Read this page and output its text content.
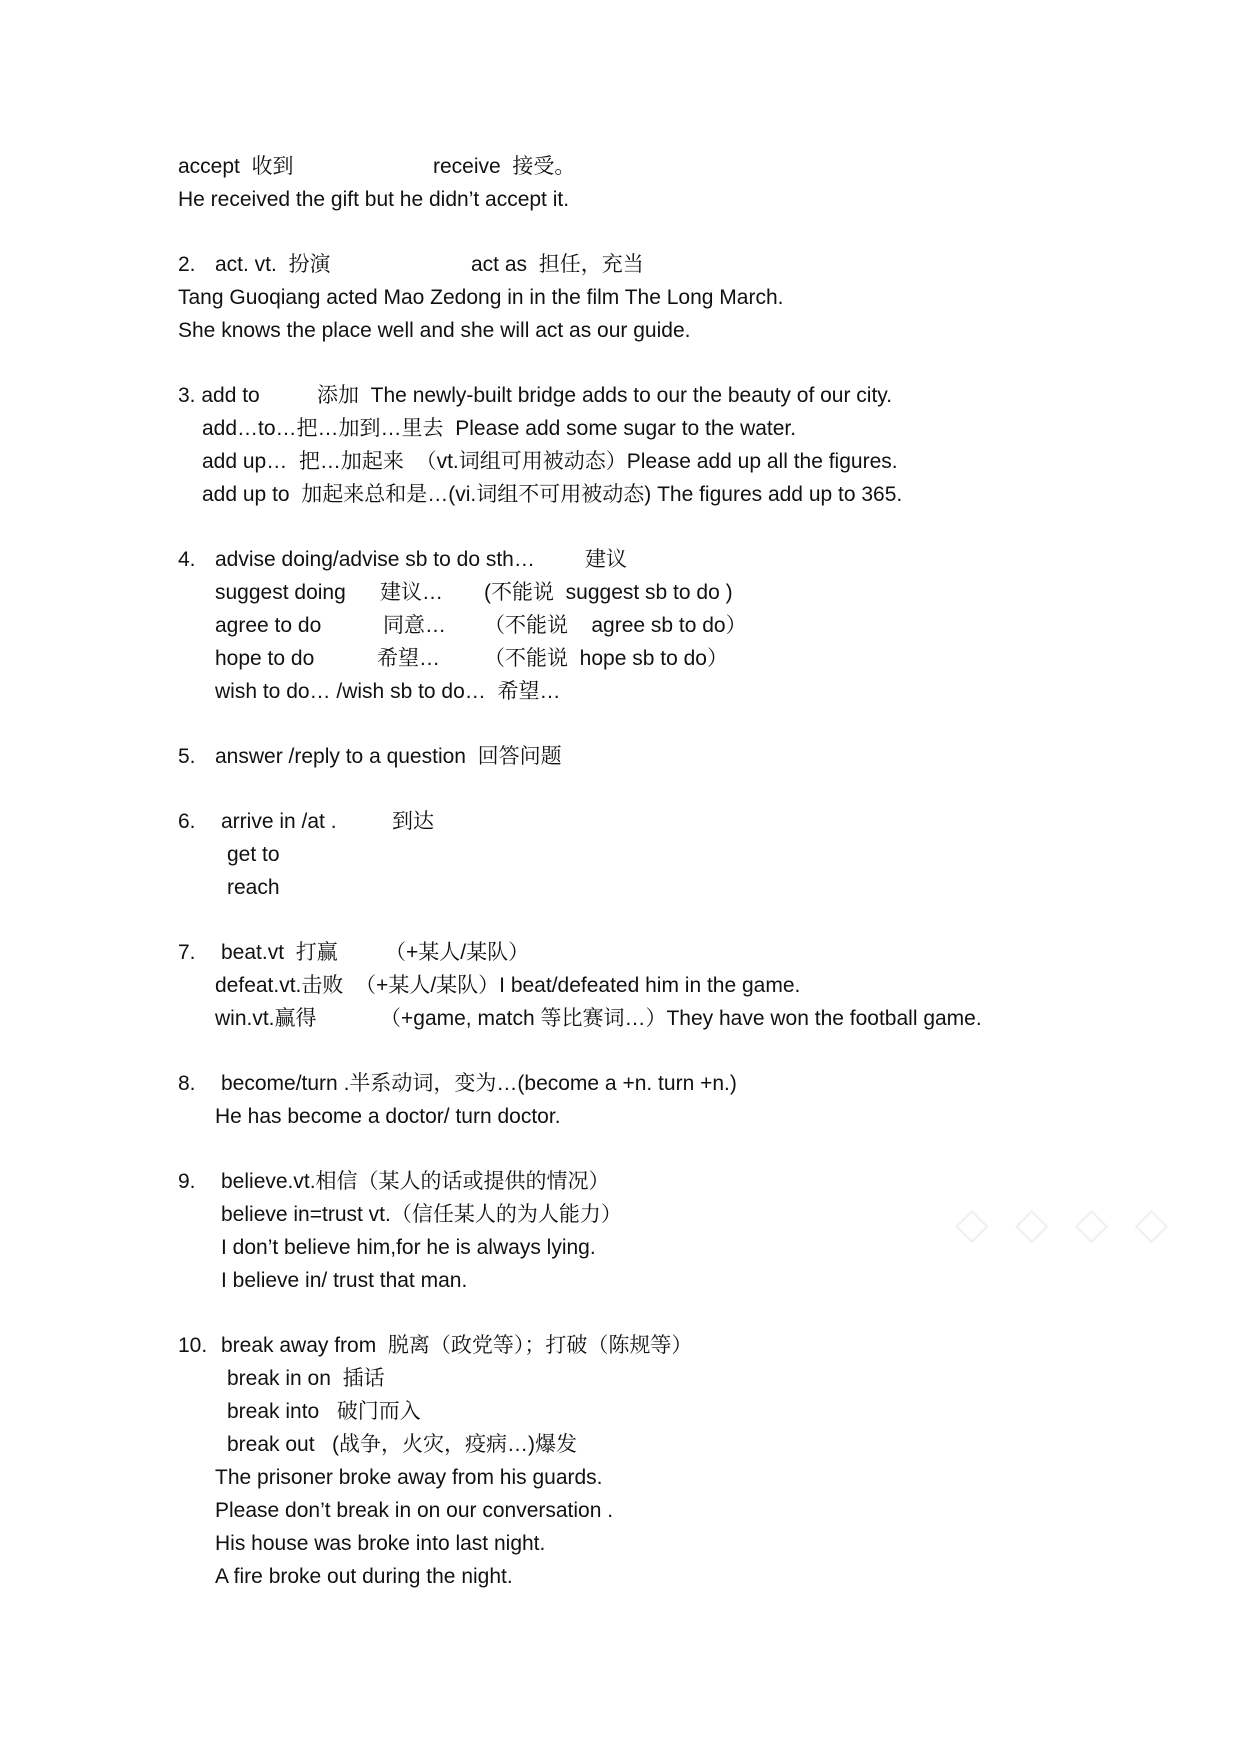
◇ ◇ ◇ ◇
accept  收到	receive  接受。
He received the gift but he didn’t accept it.
2. act. vt.  扮演	act as  担任，充当
Tang Guoqiang acted Mao Zedong in in the film The Long March.
She knows the place well and she will act as our guide.
3. add to	添加  The newly-built bridge adds to our the beauty of our city.
add…to…把…加到…里去  Please add some sugar to the water.
add up…  把…加起来  （vt.词组可用被动态）Please add up all the figures.
add up to  加起来总和是…(vi.词组不可用被动态) The figures add up to 365.
4. advise doing/advise sb to do sth… 建议
suggest doing 建议… (不能说  suggest sb to do )
agree to do	同意… （不能说    agree sb to do）
hope to do	希望… （不能说  hope sb to do）
wish to do… /wish sb to do…  希望…
5. answer /reply to a question  回答问题
6. arrive in /at .	到达
get to
reach
7. beat.vt  打赢 （+某人/某队）
defeat.vt.击败  （+某人/某队）I beat/defeated him in the game.
win.vt.赢得	（+game, match 等比赛词…）They have won the football game.
8. become/turn .半系动词，变为…(become a +n. turn +n.)
He has become a doctor/ turn doctor.
9. believe.vt.相信（某人的话或提供的情况）
believe in=trust vt.（信任某人的为人能力）
I don’t believe him,for he is always lying.
I believe in/ trust that man.
10. break away from  脱离（政党等）；打破（陈规等）
break in on  插话
break into   破门而入
break out   (战争，火灾，疫病…)爆发
The prisoner broke away from his guards.
Please don’t break in on our conversation .
His house was broke into last night.
A fire broke out during the night.
